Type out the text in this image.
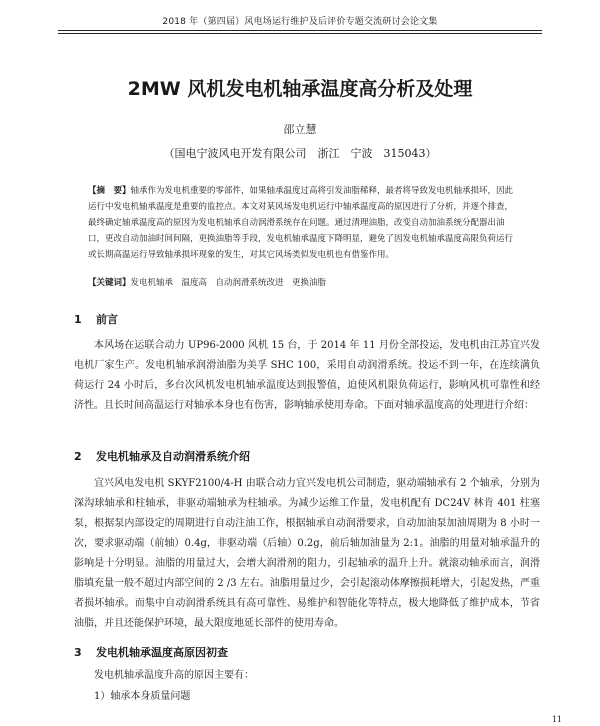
2018 年（第四届）风电场运行维护及后评价专题交流研讨会论文集
2MW 风机发电机轴承温度高分析及处理
邵立慧
（国电宁波风电开发有限公司　浙江　宁波　315043）
【摘　要】轴承作为发电机重要的零部件，如果轴承温度过高将引发油脂稀释，最者将导致发电机轴承损坏，因此运行中发电机轴承温度是重要的监控点。本文对某风场发电机运行中轴承温度高的原因进行了分析，并逐个排查，最终确定轴承温度高的原因为发电机轴承自动润滑系统存在问题。通过清理油脂，改变自动加油系统分配器出油口，更改自动加油时间间隔，更换油脂等手段，发电机轴承温度下降明显，避免了因发电机轴承温度高限负荷运行或长期高温运行导致轴承损坏现象的发生，对其它风场类似发电机也有借鉴作用。
【关键词】发电机轴承　温度高　自动润滑系统改进　更换油脂
1 前言
本风场在运联合动力 UP96-2000 风机 15 台，于 2014 年 11 月份全部投运，发电机由江苏宜兴发电机厂家生产。发电机轴承润滑油脂为美孚 SHC 100，采用自动润滑系统。投运不到一年，在连续满负荷运行 24 小时后，多台次风机发电机轴承温度达到报警值，迫使风机限负荷运行，影响风机可靠性和经济性。且长时间高温运行对轴承本身也有伤害，影响轴承使用寿命。下面对轴承温度高的处理进行介绍：
2 发电机轴承及自动润滑系统介绍
宜兴风电发电机 SKYF2100/4-H 由联合动力宜兴发电机公司制造，驱动端轴承有 2 个轴承，分别为深沟球轴承和柱轴承，非驱动端轴承为柱轴承。为减少运维工作量，发电机配有 DC24V 林肯 401 柱塞泵，根据泵内部设定的周期进行自动注油工作，根据轴承自动润滑要求，自动加油泵加油周期为 8 小时一次，要求驱动端（前轴）0.4g，非驱动端（后轴）0.2g，前后轴加油量为 2:1。油脂的用量对轴承温升的影响是十分明显。油脂的用量过大，会增大润滑剂的阻力，引起轴承的温升上升。就滚动轴承而言，润滑脂填充量一般不超过内部空间的 2 /3 左右。油脂用量过少，会引起滚动体摩擦损耗增大，引起发热，严重者损坏轴承。而集中自动润滑系统具有高可靠性、易维护和智能化等特点，极大地降低了维护成本，节省油脂，并且还能保护环境，最大限度地延长部件的使用寿命。
3 发电机轴承温度高原因初查
发电机轴承温度升高的原因主要有：
1）轴承本身质量问题
11
